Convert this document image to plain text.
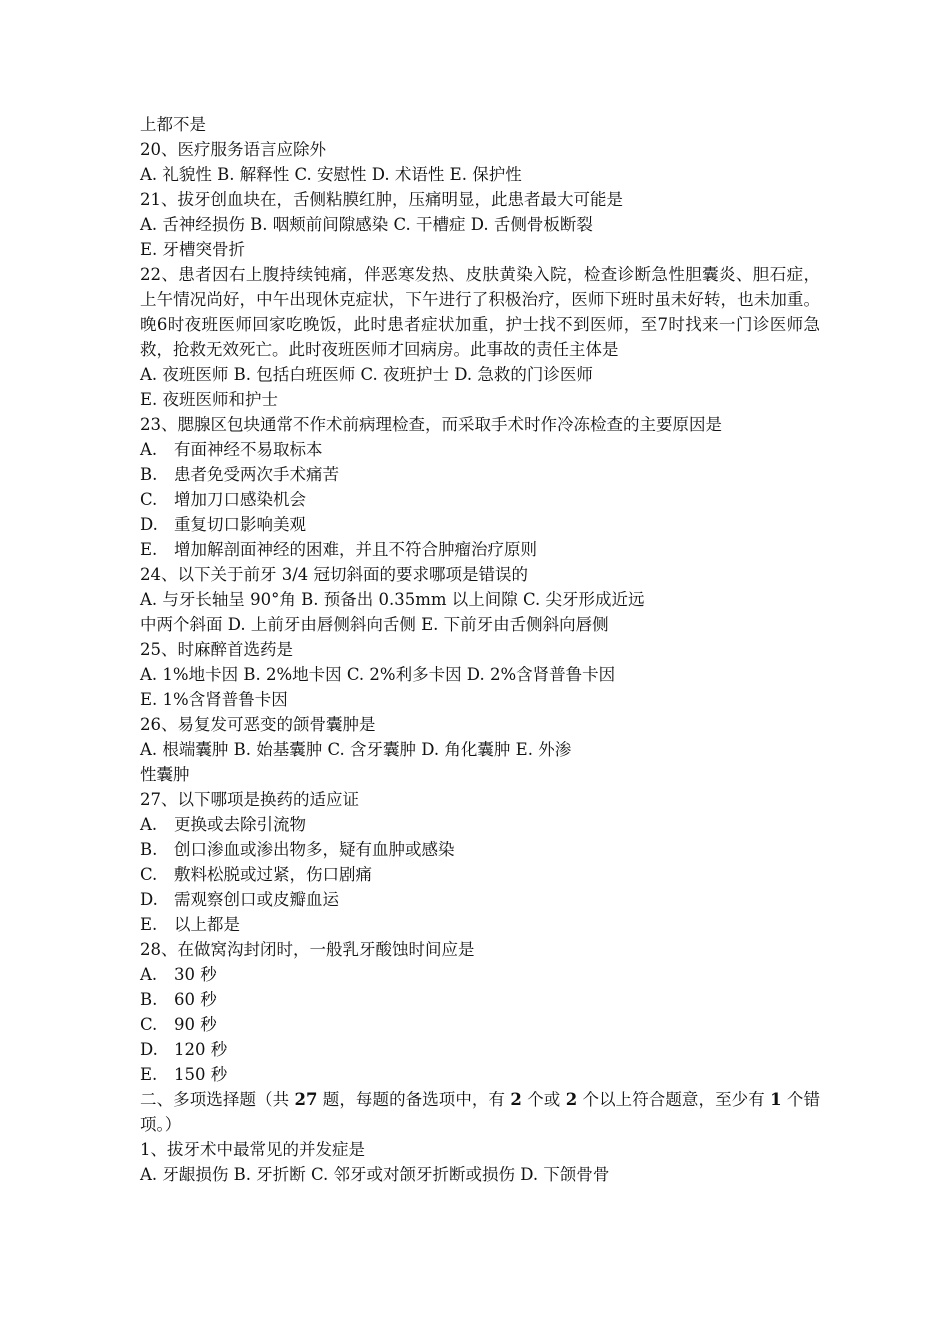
上都不是
20、医疗服务语言应除外
A. 礼貌性 B. 解释性 C. 安慰性 D. 术语性 E. 保护性
21、拔牙创血块在，舌侧粘膜红肿，压痛明显，此患者最大可能是
A. 舌神经损伤 B. 咽颊前间隙感染 C. 干槽症 D. 舌侧骨板断裂
E. 牙槽突骨折
22、患者因右上腹持续钝痛，伴恶寒发热、皮肤黄染入院，检查诊断急性胆囊炎、胆石症，上午情况尚好，中午出现休克症状，下午进行了积极治疗，医师下班时虽未好转，也未加重。晚6时夜班医师回家吃晚饭，此时患者症状加重，护士找不到医师，至7时找来一门诊医师急救，抢救无效死亡。此时夜班医师才回病房。此事故的责任主体是
A. 夜班医师 B. 包括白班医师 C. 夜班护士 D. 急救的门诊医师
E. 夜班医师和护士
23、腮腺区包块通常不作术前病理检查，而采取手术时作冷冻检查的主要原因是
A. 有面神经不易取标本
B. 患者免受两次手术痛苦
C. 增加刀口感染机会
D. 重复切口影响美观
E. 增加解剖面神经的困难，并且不符合肿瘤治疗原则
24、以下关于前牙 3/4 冠切斜面的要求哪项是错误的
A. 与牙长轴呈 90°角 B. 预备出 0.35mm 以上间隙 C. 尖牙形成近远
中两个斜面 D. 上前牙由唇侧斜向舌侧 E. 下前牙由舌侧斜向唇侧
25、时麻醉首选药是
A. 1%地卡因 B. 2%地卡因 C. 2%利多卡因 D. 2%含肾普鲁卡因
E. 1%含肾普鲁卡因
26、易复发可恶变的颌骨囊肿是
A. 根端囊肿 B. 始基囊肿 C. 含牙囊肿 D. 角化囊肿 E. 外渗
性囊肿
27、以下哪项是换药的适应证
A. 更换或去除引流物
B. 创口渗血或渗出物多，疑有血肿或感染
C. 敷料松脱或过紧，伤口剧痛
D. 需观察创口或皮瓣血运
E. 以上都是
28、在做窝沟封闭时，一般乳牙酸蚀时间应是
A. 30 秒
B. 60 秒
C. 90 秒
D. 120 秒
E. 150 秒
二、多项选择题（共 27 题，每题的备选项中，有 2 个或 2 个以上符合题意，至少有 1 个错项。）
1、拔牙术中最常见的并发症是
A. 牙龈损伤 B. 牙折断 C. 邻牙或对颌牙折断或损伤 D. 下颌骨骨
